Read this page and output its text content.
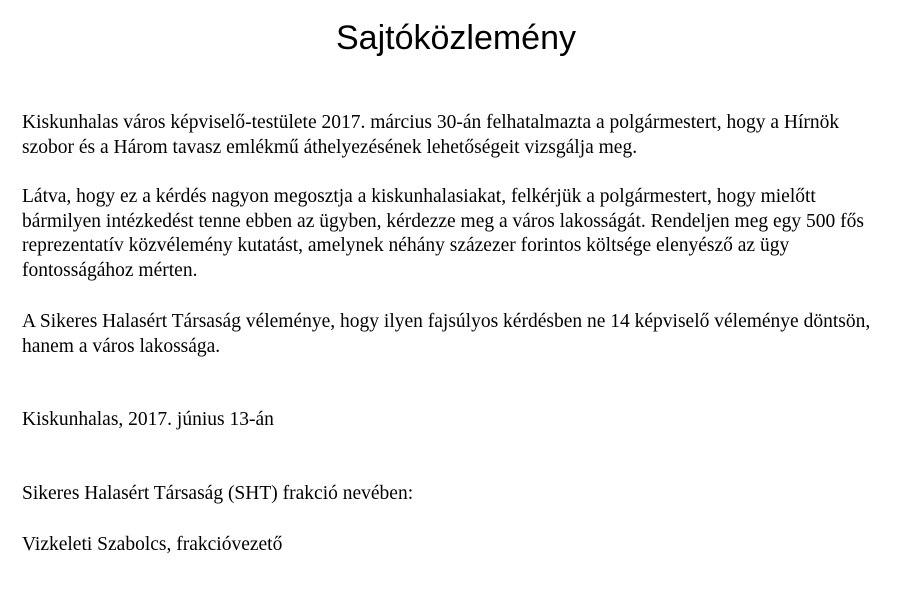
Sajtóközlemény

Kiskunhalas város képviselő-testülete 2017. március 30-án felhatalmazta a polgármestert, hogy a Hírnök szobor és a Három tavasz emlékmű áthelyezésének lehetőségeit vizsgálja meg.

Látva, hogy ez a kérdés nagyon megosztja a kiskunhalasiakat, felkérjük a polgármestert, hogy mielőtt bármilyen intézkedést tenne ebben az ügyben, kérdezze meg a város lakosságát. Rendeljen meg egy 500 fős reprezentatív közvélemény kutatást, amelynek néhány százezer forintos költsége elenyésző az ügy fontosságához mérten.

A Sikeres Halasért Társaság véleménye, hogy ilyen fajsúlyos kérdésben ne 14 képviselő véleménye döntsön, hanem a város lakossága.

Kiskunhalas, 2017. június 13-án

Sikeres Halasért Társaság (SHT) frakció nevében:

Vizkeleti Szabolcs, frakcióvezető
